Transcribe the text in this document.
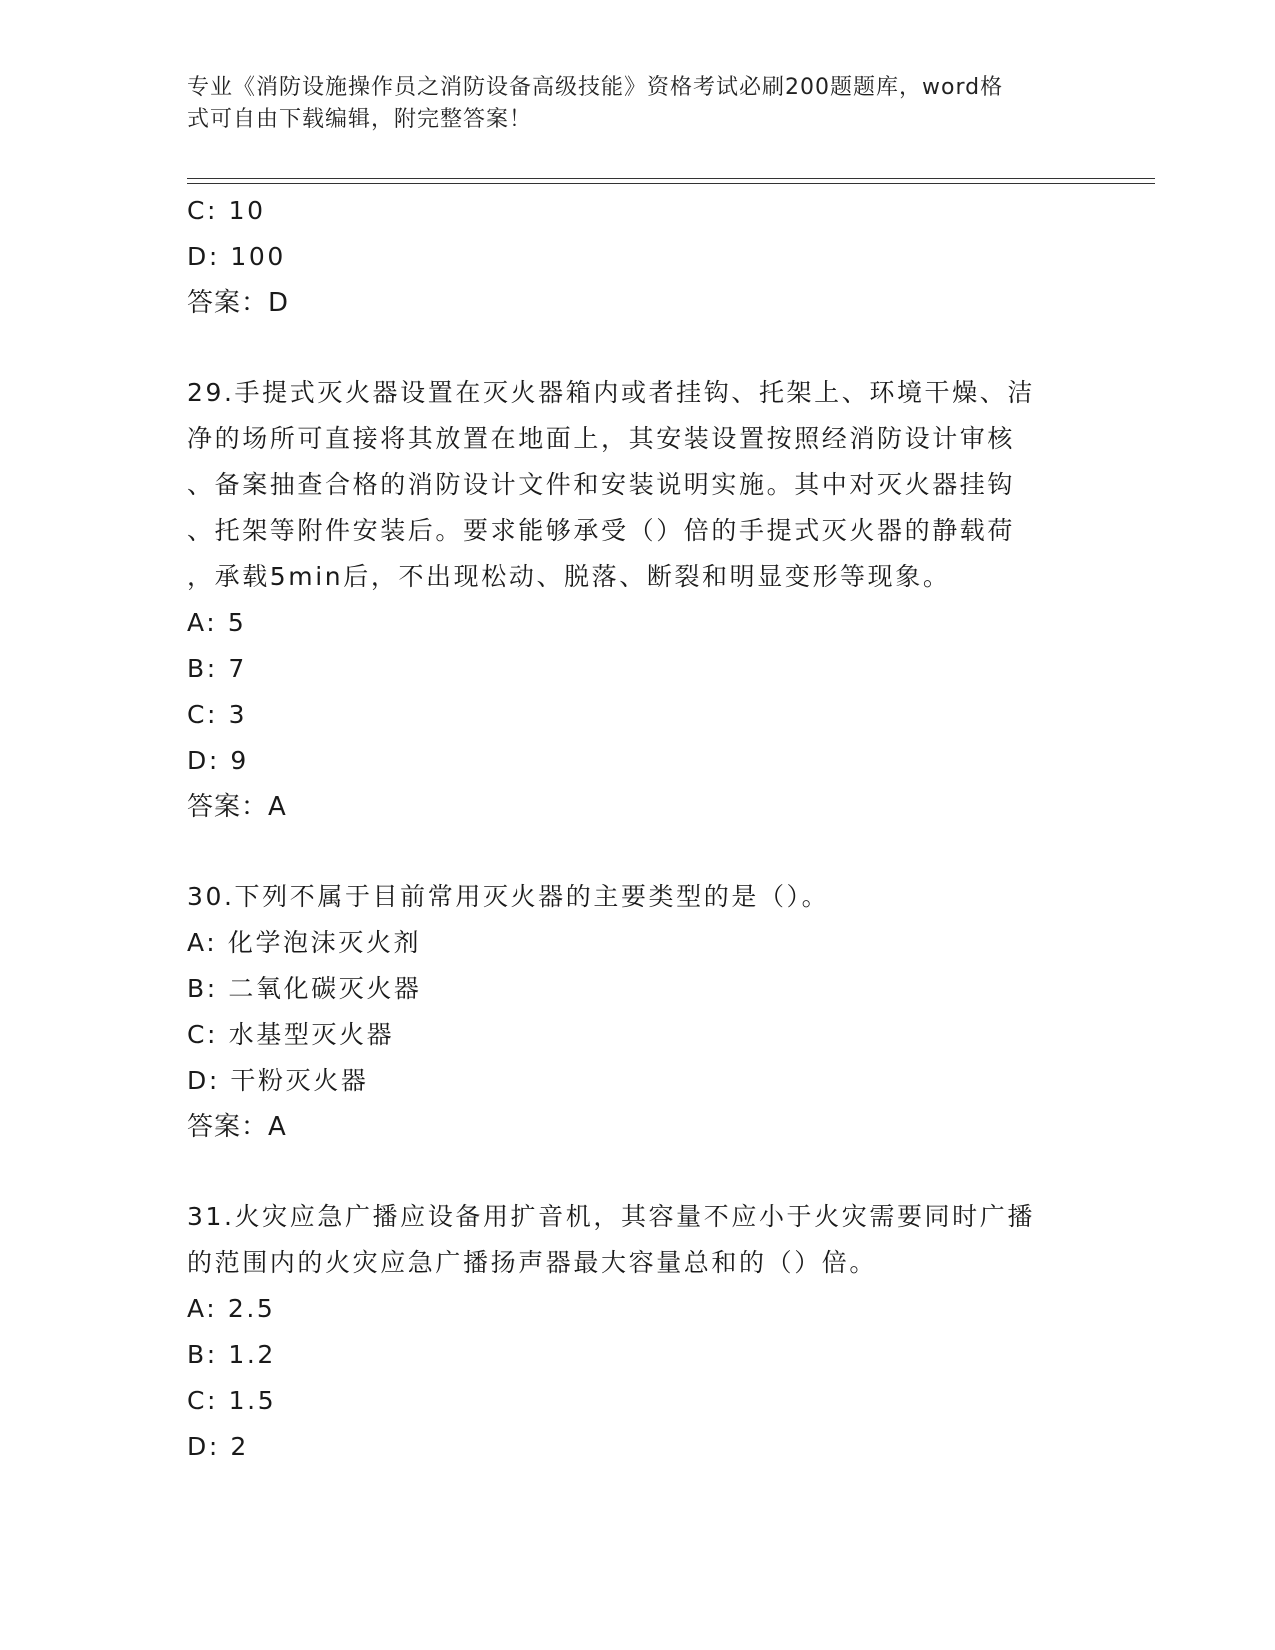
专业《消防设施操作员之消防设备高级技能》资格考试必刷200题题库，word格
式可自由下载编辑，附完整答案！
C: 10
D: 100
答案：D
29.手提式灭火器设置在灭火器箱内或者挂钩、托架上、环境干燥、洁
净的场所可直接将其放置在地面上，其安装设置按照经消防设计审核
、备案抽查合格的消防设计文件和安装说明实施。其中对灭火器挂钩
、托架等附件安装后。要求能够承受（）倍的手提式灭火器的静载荷
，承载5min后，不出现松动、脱落、断裂和明显变形等现象。
A: 5
B: 7
C: 3
D: 9
答案：A
30.下列不属于目前常用灭火器的主要类型的是（）。
A: 化学泡沫灭火剂
B: 二氧化碳灭火器
C: 水基型灭火器
D: 干粉灭火器
答案：A
31.火灾应急广播应设备用扩音机，其容量不应小于火灾需要同时广播
的范围内的火灾应急广播扬声器最大容量总和的（）倍。
A: 2.5
B: 1.2
C: 1.5
D: 2
